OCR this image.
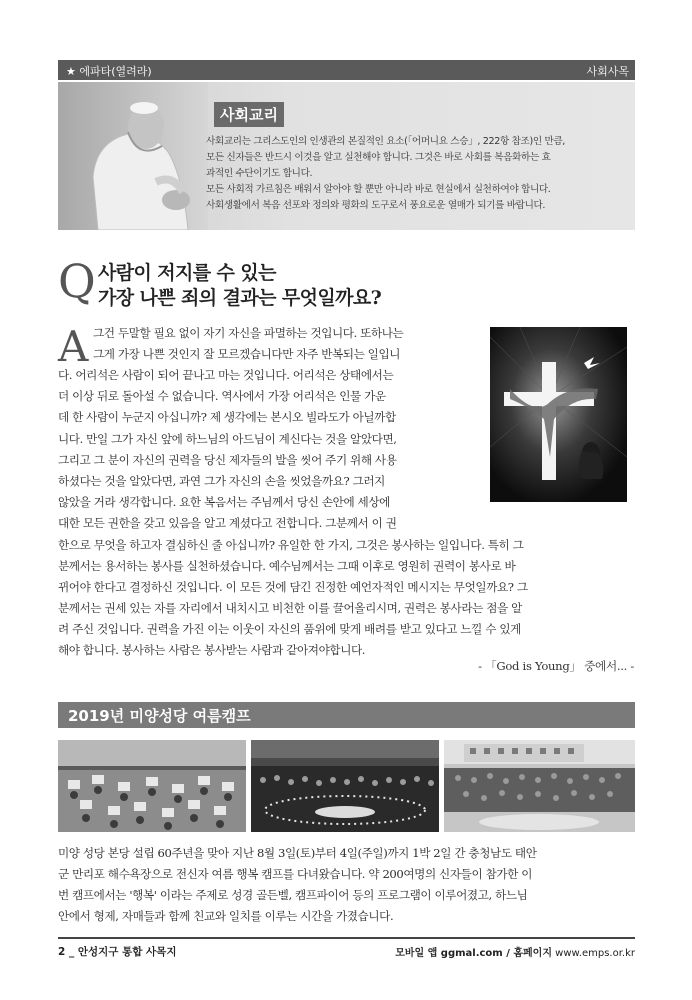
★ 에파타(열려라)	사회사목
사회교리

사회교리는 그리스도인의 인생관의 본질적인 요소(「어머니요 스승」, 222항 참조)인 만큼,

모든 신자들은 반드시 이것을 알고 실천해야 합니다. 그것은 바로 사회를 복음화하는 효

과적인 수단이기도 합니다.

모든 사회적 가르침은 배워서 알아야 할 뿐만 아니라 바로 현실에서 실천하여야 합니다.

사회생활에서 복음 선포와 정의와 평화의 도구로서 풍요로운 열매가 되기를 바랍니다.

Q 사람이 저지를 수 있는
가장 나쁜 죄의 결과는 무엇일까요?
A 그건 두말할 필요 없이 자기 자신을 파멸하는 것입니다. 또하나는
그게 가장 나쁜 것인지 잘 모르겠습니다만 자주 반복되는 일입니
다. 어리석은 사람이 되어 끝나고 마는 것입니다. 어리석은 상태에서는
더 이상 뒤로 돌아설 수 없습니다. 역사에서 가장 어리석은 인물 가운
데 한 사람이 누군지 아십니까? 제 생각에는 본시오 빌라도가 아닐까합
니다. 만일 그가 자신 앞에 하느님의 아드님이 계신다는 것을 알았다면,
그리고 그 분이 자신의 권력을 당신 제자들의 발을 씻어 주기 위해 사용
하셨다는 것을 알았다면, 과연 그가 자신의 손을 씻었을까요? 그러지
않았을 거라 생각합니다. 요한 복음서는 주님께서 당신 손안에 세상에
대한 모든 권한을 갖고 있음을 알고 계셨다고 전합니다. 그분께서 이 권
한으로 무엇을 하고자 결심하신 줄 아십니까? 유일한 한 가지, 그것은 봉사하는 일입니다. 특히 그
분께서는 용서하는 봉사를 실천하셨습니다. 예수님께서는 그때 이후로 영원히 권력이 봉사로 바
뀌어야 한다고 결정하신 것입니다. 이 모든 것에 담긴 진정한 예언자적인 메시지는 무엇일까요? 그
분께서는 권세 있는 자를 자리에서 내치시고 비천한 이를 끌어올리시며, 권력은 봉사라는 점을 알
려 주신 것입니다. 권력을 가진 이는 이웃이 자신의 품위에 맞게 배려를 받고 있다고 느낄 수 있게
해야 합니다. 봉사하는 사람은 봉사받는 사람과 같아져야합니다.
- 「God is Young」 중에서... -
2019년 미양성당 여름캠프
미양 성당 본당 설립 60주년을 맞아 지난 8월 3일(토)부터 4일(주일)까지 1박 2일 간 충청남도 태안
군 만리포 해수욕장으로 전신자 여름 행복 캠프를 다녀왔습니다. 약 200여명의 신자들이 참가한 이
번 캠프에서는 '행복' 이라는 주제로 성경 골든벨, 캠프파이어 등의 프로그램이 이루어졌고, 하느님
안에서 형제, 자매들과 함께 친교와 일치를 이루는 시간을 가졌습니다.
2 _ 안성지구 통합 사목지	모바일 앱 ggmal.com / 홈페이지 www.emps.or.kr
